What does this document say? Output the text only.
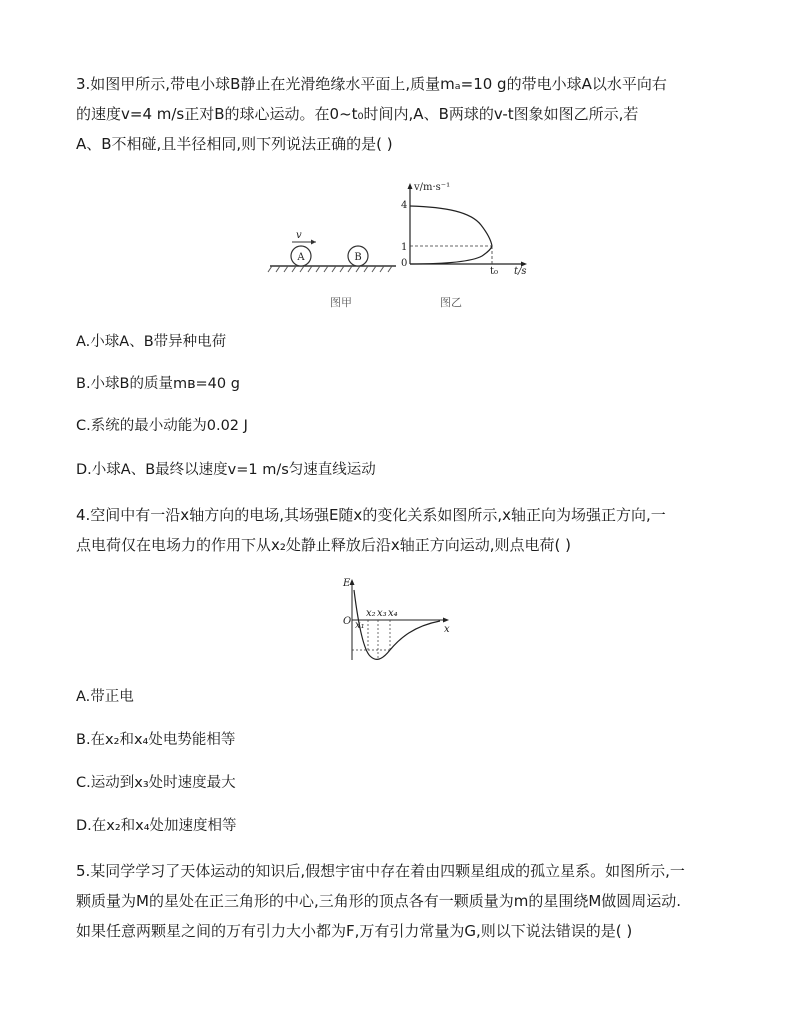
3.如图甲所示,带电小球B静止在光滑绝缘水平面上,质量mₐ=10 g的带电小球A以水平向右
的速度v=4 m/s正对B的球心运动。在0~t₀时间内,A、B两球的v-t图象如图乙所示,若
A、B不相碰,且半径相同,则下列说法正确的是( )
A	B
v
图甲
v/m·s⁻¹
4
1
0
t₀ t/s
图乙
A.小球A、B带异种电荷
B.小球B的质量mʙ=40 g
C.系统的最小动能为0.02 J
D.小球A、B最终以速度v=1 m/s匀速直线运动
4.空间中有一沿x轴方向的电场,其场强E随x的变化关系如图所示,x轴正向为场强正方向,一
点电荷仅在电场力的作用下从x₂处静止释放后沿x轴正方向运动,则点电荷( )
E
O
x
x₁
x₂ x₃ x₄
A.带正电
B.在x₂和x₄处电势能相等
C.运动到x₃处时速度最大
D.在x₂和x₄处加速度相等
5.某同学学习了天体运动的知识后,假想宇宙中存在着由四颗星组成的孤立星系。如图所示,一
颗质量为M的星处在正三角形的中心,三角形的顶点各有一颗质量为m的星围绕M做圆周运动.
如果任意两颗星之间的万有引力大小都为F,万有引力常量为G,则以下说法错误的是( )
